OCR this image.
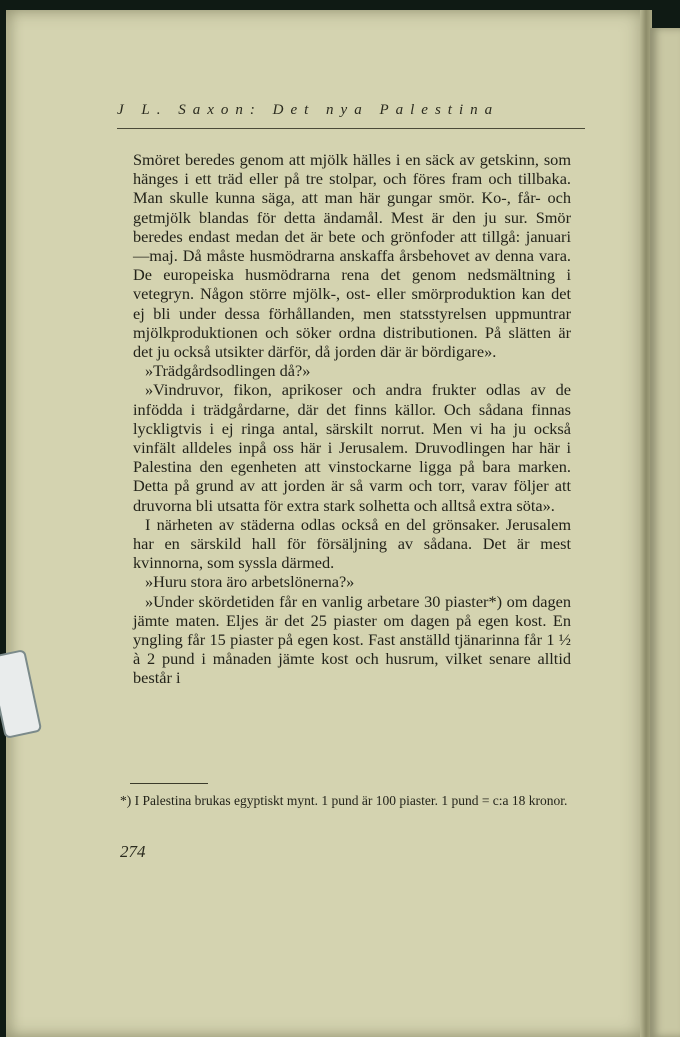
J L. Saxon: Det nya Palestina

Smöret beredes genom att mjölk hälles i en säck av getskinn, som hänges i ett träd eller på tre stolpar, och föres fram och tillbaka. Man skulle kunna säga, att man här gungar smör. Ko-, får- och getmjölk blandas för detta ändamål. Mest är den ju sur. Smör beredes endast medan det är bete och grönfoder att tillgå: januari—maj. Då måste husmödrarna anskaffa årsbehovet av denna vara. De europeiska husmödrarna rena det genom nedsmältning i vetegryn. Någon större mjölk-, ost- eller smörproduktion kan det ej bli under dessa förhållanden, men statsstyrelsen uppmuntrar mjölkproduktionen och söker ordna distributionen. På slätten är det ju också utsikter därför, då jorden där är bördigare».

»Trädgårdsodlingen då?»

»Vindruvor, fikon, aprikoser och andra frukter odlas av de infödda i trädgårdarne, där det finns källor. Och sådana finnas lyckligtvis i ej ringa antal, särskilt norrut. Men vi ha ju också vinfält alldeles inpå oss här i Jerusalem. Druvodlingen har här i Palestina den egenheten att vinstockarne ligga på bara marken. Detta på grund av att jorden är så varm och torr, varav följer att druvorna bli utsatta för extra stark solhetta och alltså extra söta».

I närheten av städerna odlas också en del grönsaker. Jerusalem har en särskild hall för försäljning av sådana. Det är mest kvinnorna, som syssla därmed.

»Huru stora äro arbetslönerna?»

»Under skördetiden får en vanlig arbetare 30 piaster*) om dagen jämte maten. Eljes är det 25 piaster om dagen på egen kost. En yngling får 15 piaster på egen kost. Fast anställd tjänarinna får 1 ½ à 2 pund i månaden jämte kost och husrum, vilket senare alltid består i

*) I Palestina brukas egyptiskt mynt. 1 pund är 100 piaster. 1 pund = c:a 18 kronor.

274
